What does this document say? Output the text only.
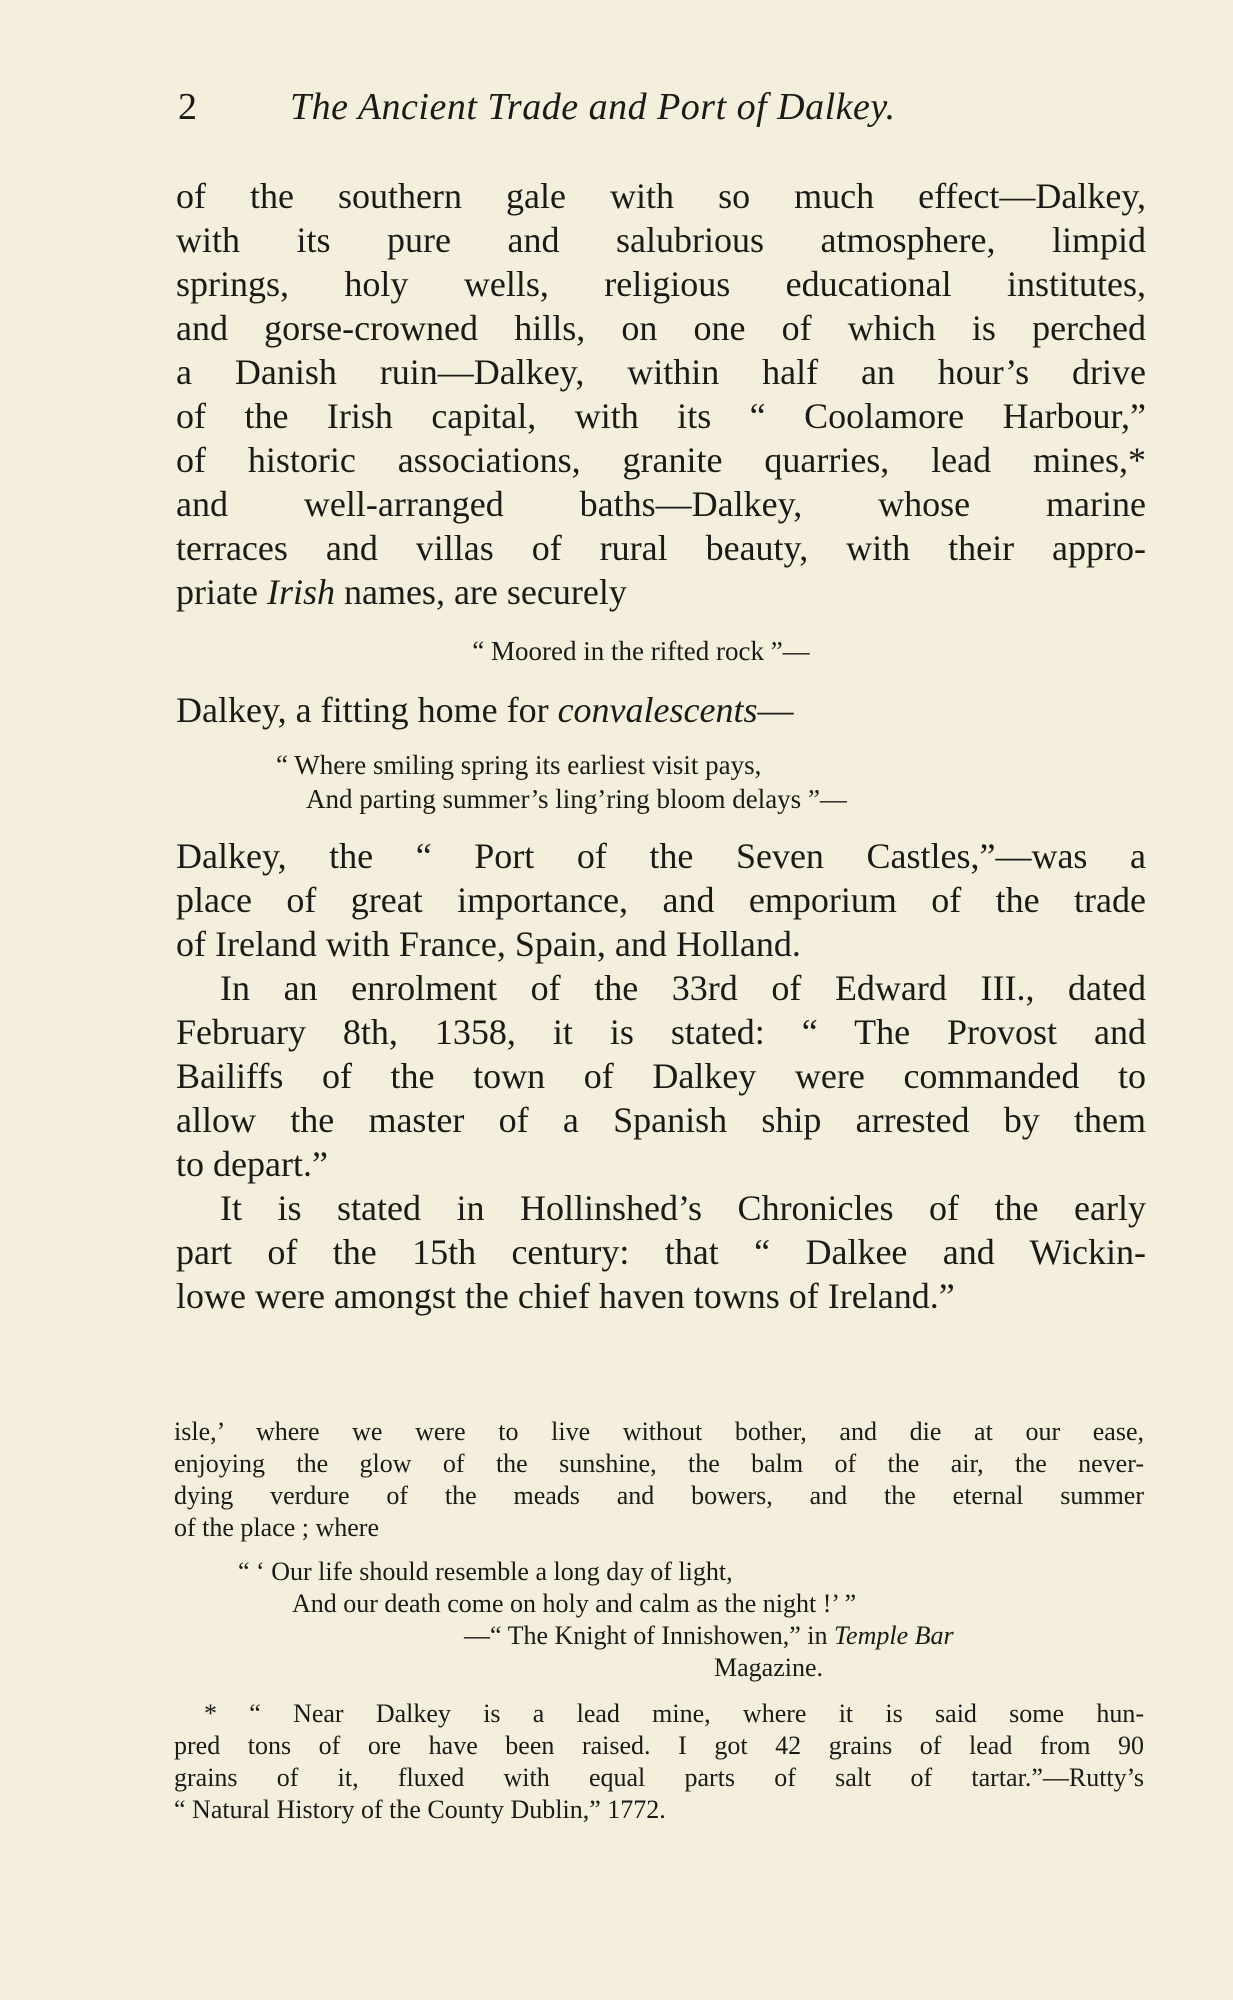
2 The Ancient Trade and Port of Dalkey.
of the southern gale with so much effect—Dalkey,
with its pure and salubrious atmosphere, limpid
springs, holy wells, religious educational institutes,
and gorse-crowned hills, on one of which is perched
a Danish ruin—Dalkey, within half an hour’s drive
of the Irish capital, with its “ Coolamore Harbour,”
of historic associations, granite quarries, lead mines,*
and well-arranged baths—Dalkey, whose marine
terraces and villas of rural beauty, with their appro-
priate Irish names, are securely
“ Moored in the rifted rock ”—
Dalkey, a fitting home for convalescents—
“ Where smiling spring its earliest visit pays,
And parting summer’s ling’ring bloom delays ”—
Dalkey, the “ Port of the Seven Castles,”—was a
place of great importance, and emporium of the trade
of Ireland with France, Spain, and Holland.
In an enrolment of the 33rd of Edward III., dated
February 8th, 1358, it is stated: “ The Provost and
Bailiffs of the town of Dalkey were commanded to
allow the master of a Spanish ship arrested by them
to depart.”
It is stated in Hollinshed’s Chronicles of the early
part of the 15th century: that “ Dalkee and Wickin-
lowe were amongst the chief haven towns of Ireland.”
isle,’ where we were to live without bother, and die at our ease,
enjoying the glow of the sunshine, the balm of the air, the never-
dying verdure of the meads and bowers, and the eternal summer
of the place ; where
“ ‘ Our life should resemble a long day of light,
And our death come on holy and calm as the night !’ ”
—“ The Knight of Innishowen,” in Temple Bar
Magazine.
* “ Near Dalkey is a lead mine, where it is said some hun-
pred tons of ore have been raised. I got 42 grains of lead from 90
grains of it, fluxed with equal parts of salt of tartar.”—Rutty’s
“ Natural History of the County Dublin,” 1772.
